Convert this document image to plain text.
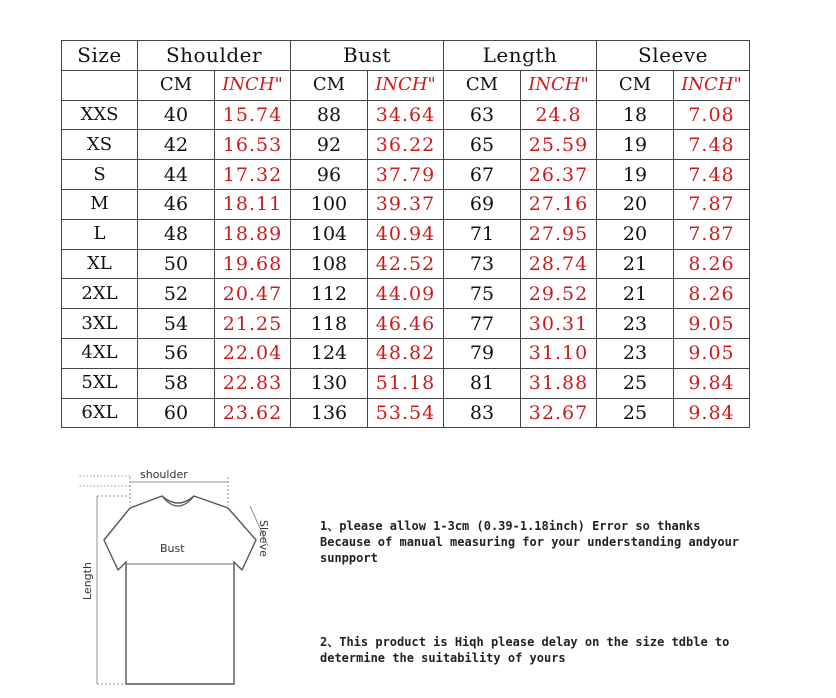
Size	Shoulder		Bust		Length		Sleeve	
	CM	INCH"	CM	INCH"	CM	INCH"	CM	INCH"
XXS	40	15.74	88	34.64	63	24.8	18	7.08
XS	42	16.53	92	36.22	65	25.59	19	7.48
S	44	17.32	96	37.79	67	26.37	19	7.48
M	46	18.11	100	39.37	69	27.16	20	7.87
L	48	18.89	104	40.94	71	27.95	20	7.87
XL	50	19.68	108	42.52	73	28.74	21	8.26
2XL	52	20.47	112	44.09	75	29.52	21	8.26
3XL	54	21.25	118	46.46	77	30.31	23	9.05
4XL	56	22.04	124	48.82	79	31.10	23	9.05
5XL	58	22.83	130	51.18	81	31.88	25	9.84
6XL	60	23.62	136	53.54	83	32.67	25	9.84
shoulder
Bust	Sleeve
Length

1、please allow 1-3cm (0.39-1.18inch) Error so thanks

Because of manual measuring for your understanding andyour

sunpport

2、This product is Hiqh please delay on the size tdble to

determine the suitability of yours
